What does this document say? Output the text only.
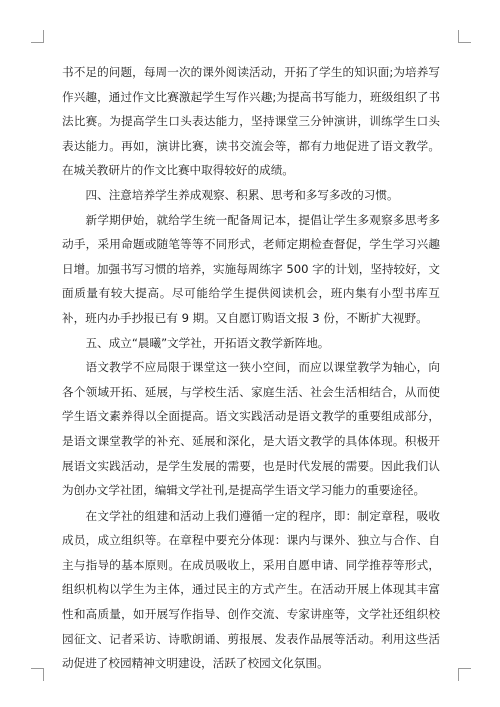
书不足的问题，每周一次的课外阅读活动，开拓了学生的知识面;为培养写作兴趣，通过作文比赛激起学生写作兴趣;为提高书写能力，班级组织了书法比赛。为提高学生口头表达能力，坚持课堂三分钟演讲，训练学生口头表达能力。再如，演讲比赛，读书交流会等，都有力地促进了语文教学。在城关教研片的作文比赛中取得较好的成绩。

四、注意培养学生养成观察、积累、思考和多写多改的习惯。

新学期伊始，就给学生统一配备周记本，提倡让学生多观察多思考多动手，采用命题或随笔等等不同形式，老师定期检查督促，学生学习兴趣日增。加强书写习惯的培养，实施每周练字 500 字的计划，坚持较好，文面质量有较大提高。尽可能给学生提供阅读机会，班内集有小型书库互补，班内办手抄报已有 9 期。又自愿订购语文报 3 份，不断扩大视野。

五、成立“晨曦”文学社，开拓语文教学新阵地。

语文教学不应局限于课堂这一狭小空间，而应以课堂教学为轴心，向各个领域开拓、延展，与学校生活、家庭生活、社会生活相结合，从而使学生语文素养得以全面提高。语文实践活动是语文教学的重要组成部分，是语文课堂教学的补充、延展和深化，是大语文教学的具体体现。积极开展语文实践活动，是学生发展的需要，也是时代发展的需要。因此我们认为创办文学社团，编辑文学社刊,是提高学生语文学习能力的重要途径。

在文学社的组建和活动上我们遵循一定的程序，即：制定章程，吸收成员，成立组织等。在章程中要充分体现：课内与课外、独立与合作、自主与指导的基本原则。在成员吸收上，采用自愿申请、同学推荐等形式，组织机构以学生为主体，通过民主的方式产生。在活动开展上体现其丰富性和高质量，如开展写作指导、创作交流、专家讲座等，文学社还组织校园征文、记者采访、诗歌朗诵、剪报展、发表作品展等活动。利用这些活动促进了校园精神文明建设，活跃了校园文化氛围。
